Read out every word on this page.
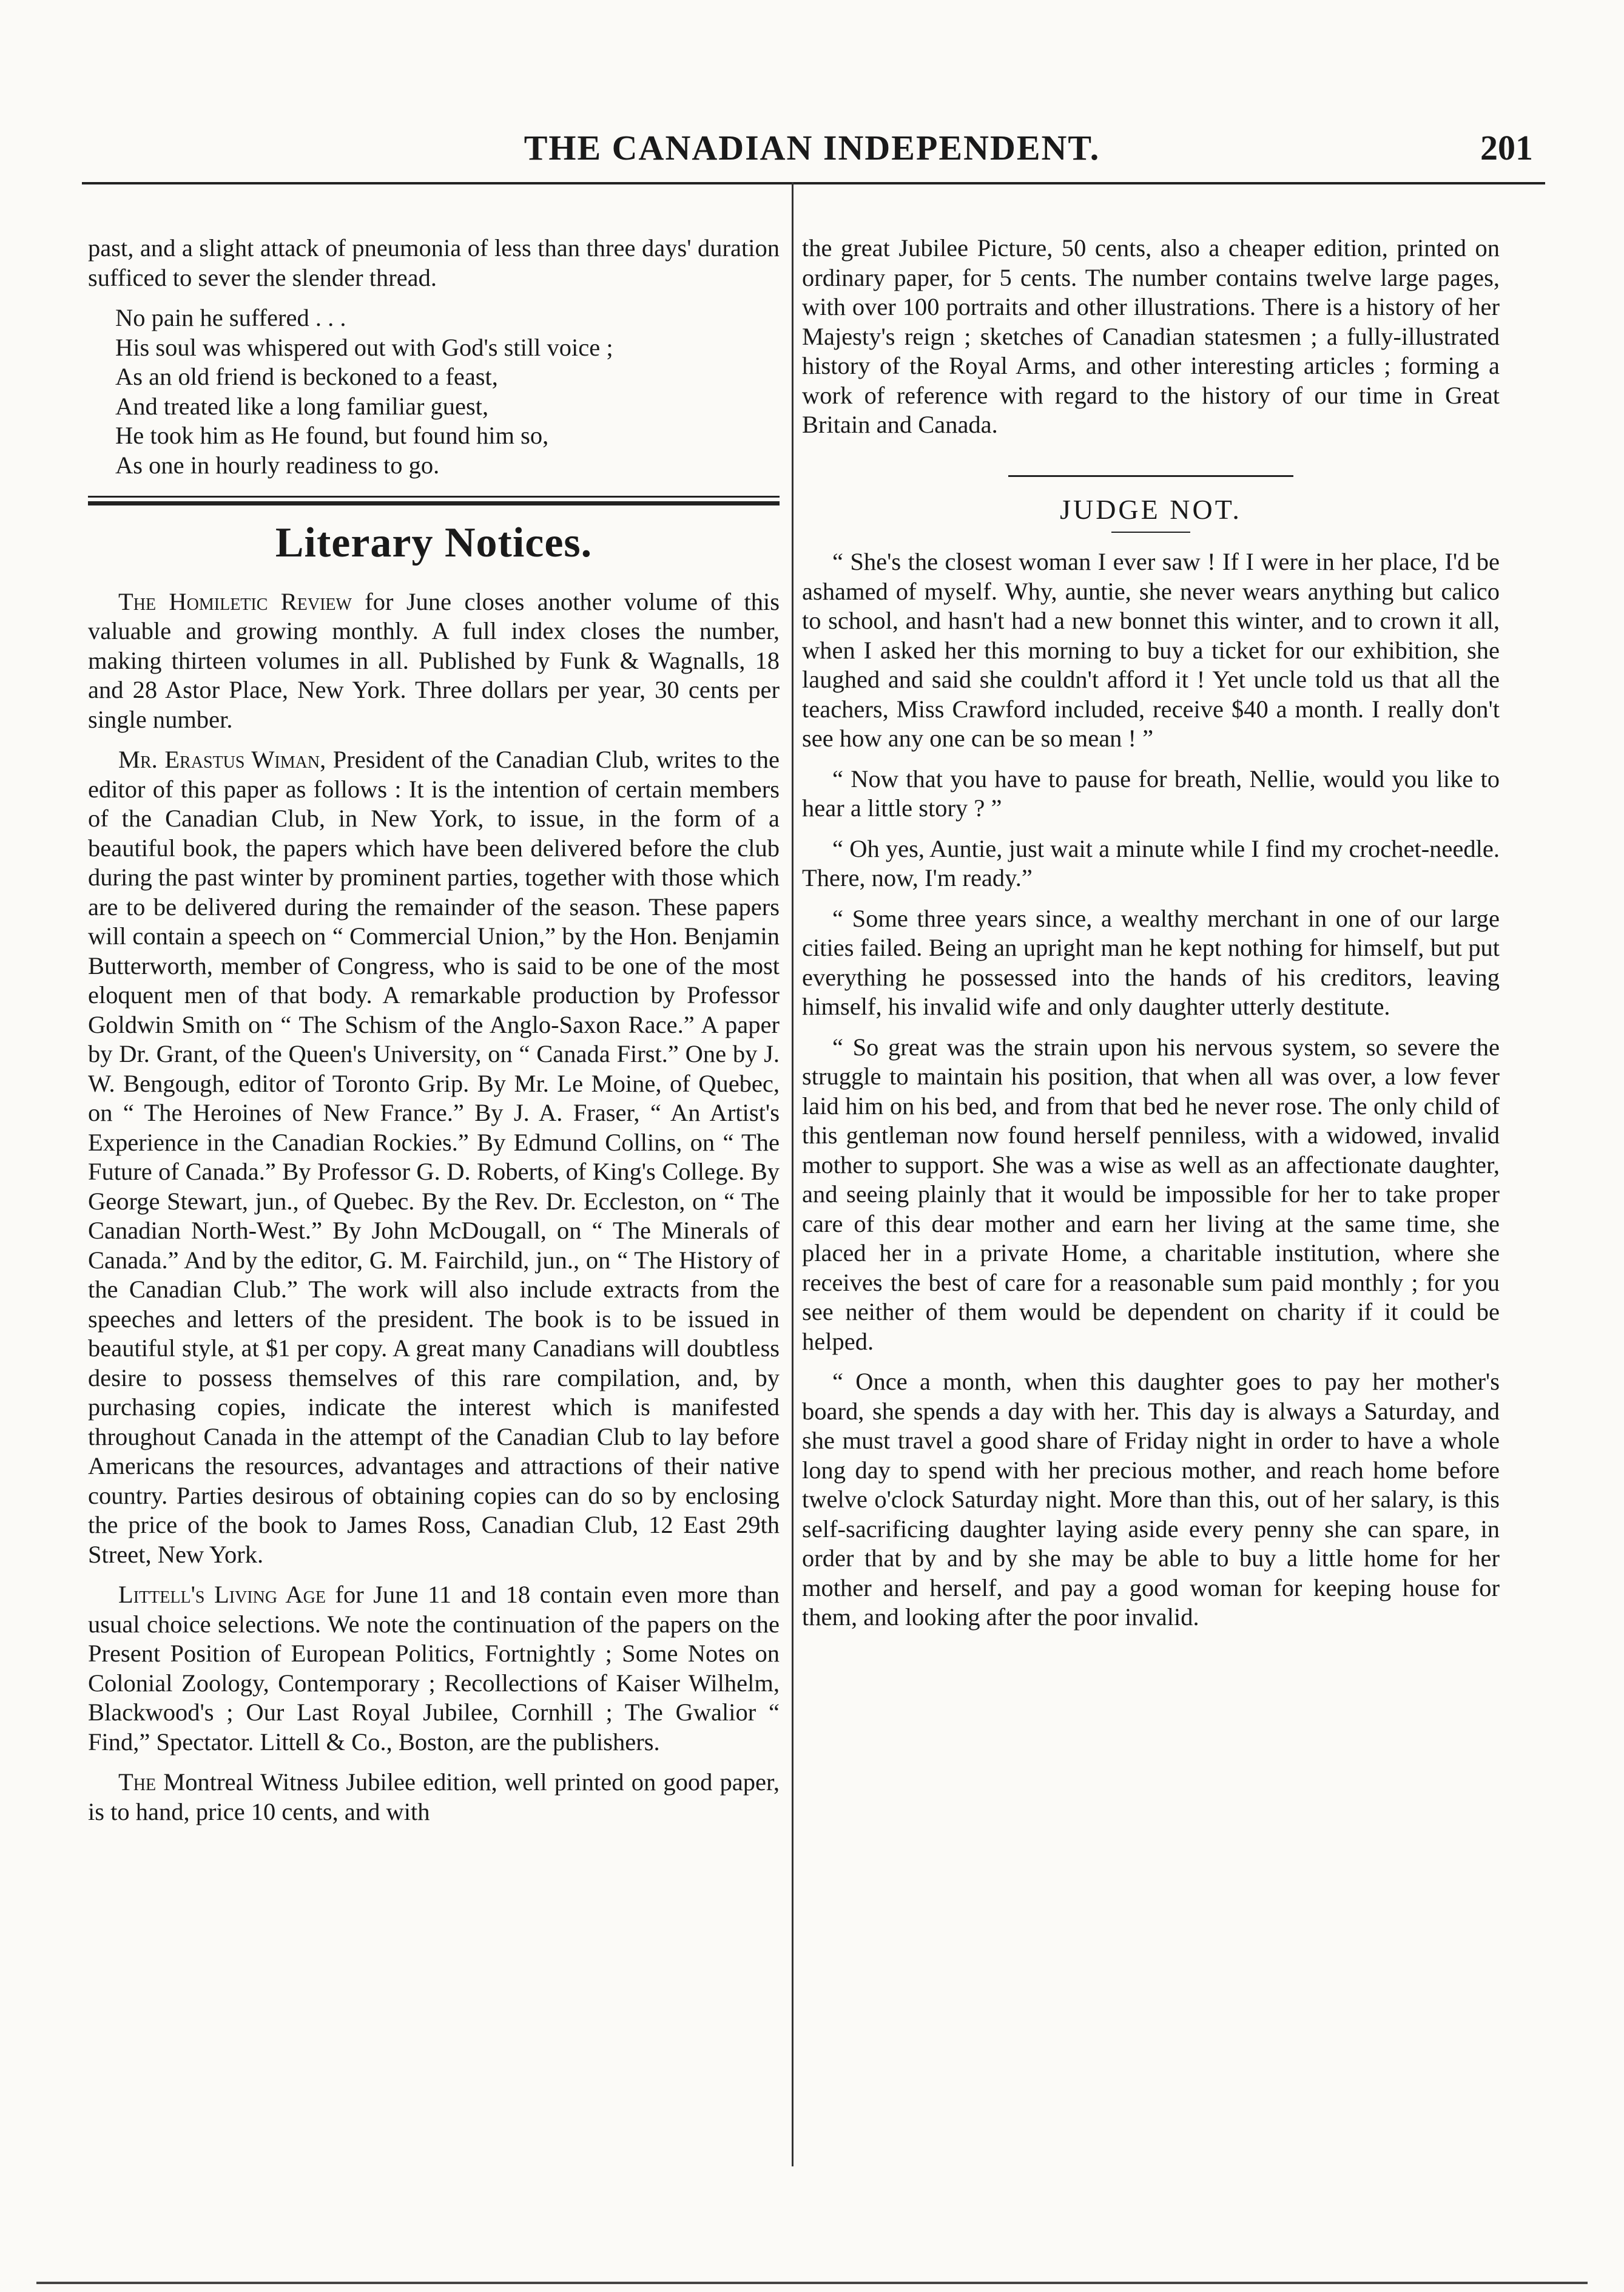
THE CANADIAN INDEPENDENT.	201

past, and a slight attack of pneumonia of less than three days' duration sufficed to sever the slender thread.

No pain he suffered . . .
His soul was whispered out with God's still voice ;
As an old friend is beckoned to a feast,
And treated like a long familiar guest,
He took him as He found, but found him so,
As one in hourly readiness to go.
Literary Notices.

The Homiletic Review for June closes another volume of this valuable and growing monthly. A full index closes the number, making thirteen volumes in all. Published by Funk & Wagnalls, 18 and 28 Astor Place, New York. Three dollars per year, 30 cents per single number.

Mr. Erastus Wiman, President of the Canadian Club, writes to the editor of this paper as follows : It is the intention of certain members of the Canadian Club, in New York, to issue, in the form of a beautiful book, the papers which have been delivered before the club during the past winter by prominent parties, together with those which are to be delivered during the remainder of the season. These papers will contain a speech on “ Commercial Union,” by the Hon. Benjamin Butterworth, member of Congress, who is said to be one of the most eloquent men of that body. A remarkable production by Professor Goldwin Smith on “ The Schism of the Anglo-Saxon Race.” A paper by Dr. Grant, of the Queen's University, on “ Canada First.” One by J. W. Bengough, editor of Toronto Grip. By Mr. Le Moine, of Quebec, on “ The Heroines of New France.” By J. A. Fraser, “ An Artist's Experience in the Canadian Rockies.” By Edmund Collins, on “ The Future of Canada.” By Professor G. D. Roberts, of King's College. By George Stewart, jun., of Quebec. By the Rev. Dr. Eccleston, on “ The Canadian North-West.” By John McDougall, on “ The Minerals of Canada.” And by the editor, G. M. Fairchild, jun., on “ The History of the Canadian Club.” The work will also include extracts from the speeches and letters of the president. The book is to be issued in beautiful style, at $1 per copy. A great many Canadians will doubtless desire to possess themselves of this rare compilation, and, by purchasing copies, indicate the interest which is manifested throughout Canada in the attempt of the Canadian Club to lay before Americans the resources, advantages and attractions of their native country. Parties desirous of obtaining copies can do so by enclosing the price of the book to James Ross, Canadian Club, 12 East 29th Street, New York.

Littell's Living Age for June 11 and 18 contain even more than usual choice selections. We note the continuation of the papers on the Present Position of European Politics, Fortnightly ; Some Notes on Colonial Zoology, Contemporary ; Recollections of Kaiser Wilhelm, Blackwood's ; Our Last Royal Jubilee, Cornhill ; The Gwalior “ Find,” Spectator. Littell & Co., Boston, are the publishers.

The Montreal Witness Jubilee edition, well printed on good paper, is to hand, price 10 cents, and with

the great Jubilee Picture, 50 cents, also a cheaper edition, printed on ordinary paper, for 5 cents. The number contains twelve large pages, with over 100 portraits and other illustrations. There is a history of her Majesty's reign ; sketches of Canadian statesmen ; a fully-illustrated history of the Royal Arms, and other interesting articles ; forming a work of reference with regard to the history of our time in Great Britain and Canada.

JUDGE NOT.

“ She's the closest woman I ever saw ! If I were in her place, I'd be ashamed of myself. Why, auntie, she never wears anything but calico to school, and hasn't had a new bonnet this winter, and to crown it all, when I asked her this morning to buy a ticket for our exhibition, she laughed and said she couldn't afford it ! Yet uncle told us that all the teachers, Miss Crawford included, receive $40 a month. I really don't see how any one can be so mean ! ”

“ Now that you have to pause for breath, Nellie, would you like to hear a little story ? ”

“ Oh yes, Auntie, just wait a minute while I find my crochet-needle. There, now, I'm ready.”

“ Some three years since, a wealthy merchant in one of our large cities failed. Being an upright man he kept nothing for himself, but put everything he possessed into the hands of his creditors, leaving himself, his invalid wife and only daughter utterly destitute.

“ So great was the strain upon his nervous system, so severe the struggle to maintain his position, that when all was over, a low fever laid him on his bed, and from that bed he never rose. The only child of this gentleman now found herself penniless, with a widowed, invalid mother to support. She was a wise as well as an affectionate daughter, and seeing plainly that it would be impossible for her to take proper care of this dear mother and earn her living at the same time, she placed her in a private Home, a charitable institution, where she receives the best of care for a reasonable sum paid monthly ; for you see neither of them would be dependent on charity if it could be helped.

“ Once a month, when this daughter goes to pay her mother's board, she spends a day with her. This day is always a Saturday, and she must travel a good share of Friday night in order to have a whole long day to spend with her precious mother, and reach home before twelve o'clock Saturday night. More than this, out of her salary, is this self-sacrificing daughter laying aside every penny she can spare, in order that by and by she may be able to buy a little home for her mother and herself, and pay a good woman for keeping house for them, and looking after the poor invalid.
